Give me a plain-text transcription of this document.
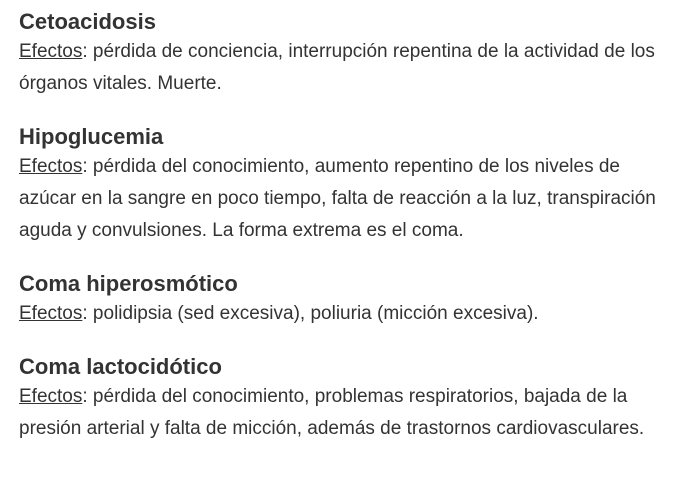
Cetoacidosis

Efectos: pérdida de conciencia, interrupción repentina de la actividad de los órganos vitales. Muerte.

Hipoglucemia

Efectos: pérdida del conocimiento, aumento repentino de los niveles de azúcar en la sangre en poco tiempo, falta de reacción a la luz, transpiración aguda y convulsiones. La forma extrema es el coma.

Coma hiperosmótico

Efectos: polidipsia (sed excesiva), poliuria (micción excesiva).

Coma lactocidótico

Efectos: pérdida del conocimiento, problemas respiratorios, bajada de la presión arterial y falta de micción, además de trastornos cardiovasculares.
